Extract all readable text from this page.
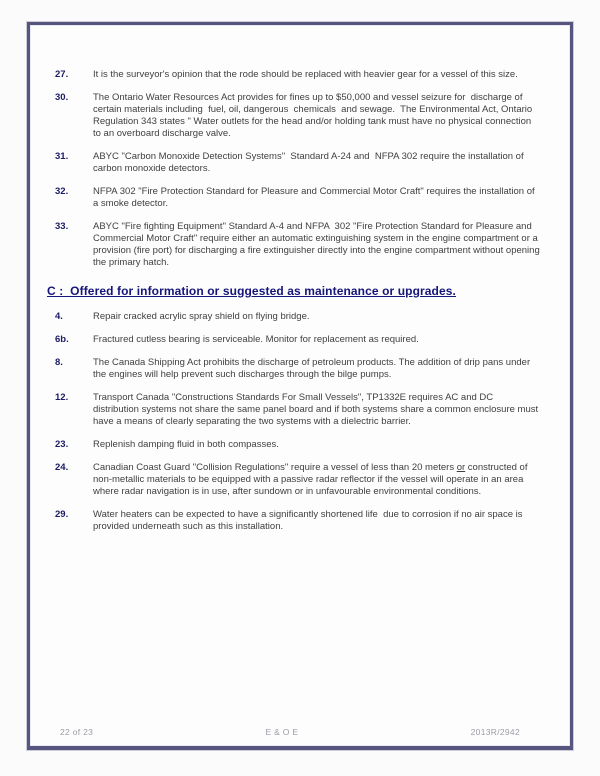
27.	It is the surveyor's opinion that the rode should be replaced with heavier gear for a vessel of this size.
30.	The Ontario Water Resources Act provides for fines up to $50,000 and vessel seizure for  discharge of certain materials including  fuel, oil, dangerous  chemicals  and sewage.  The Environmental Act, Ontario Regulation 343 states " Water outlets for the head and/or holding tank must have no physical connection to an overboard discharge valve.
31.	ABYC "Carbon Monoxide Detection Systems"  Standard A-24 and  NFPA 302 require the installation of carbon monoxide detectors.
32.	NFPA 302 "Fire Protection Standard for Pleasure and Commercial Motor Craft" requires the installation of a smoke detector.
33.	ABYC "Fire fighting Equipment" Standard A-4 and NFPA  302 "Fire Protection Standard for Pleasure and Commercial Motor Craft" require either an automatic extinguishing system in the engine compartment or a provision (fire port) for discharging a fire extinguisher directly into the engine compartment without opening the primary hatch.
C :  Offered for information or suggested as maintenance or upgrades.
4.	Repair cracked acrylic spray shield on flying bridge.
6b.	Fractured cutless bearing is serviceable. Monitor for replacement as required.
8.	The Canada Shipping Act prohibits the discharge of petroleum products. The addition of drip pans under the engines will help prevent such discharges through the bilge pumps.
12.	Transport Canada "Constructions Standards For Small Vessels", TP1332E requires AC and DC distribution systems not share the same panel board and if both systems share a common enclosure must have a means of clearly separating the two systems with a dielectric barrier.
23.	Replenish damping fluid in both compasses.
24.	Canadian Coast Guard "Collision Regulations" require a vessel of less than 20 meters or constructed of non-metallic materials to be equipped with a passive radar reflector if the vessel will operate in an area where radar navigation is in use, after sundown or in unfavourable environmental conditions.
29.	Water heaters can be expected to have a significantly shortened life  due to corrosion if no air space is provided underneath such as this installation.
22 of 23	E & O E	2013R/2942
